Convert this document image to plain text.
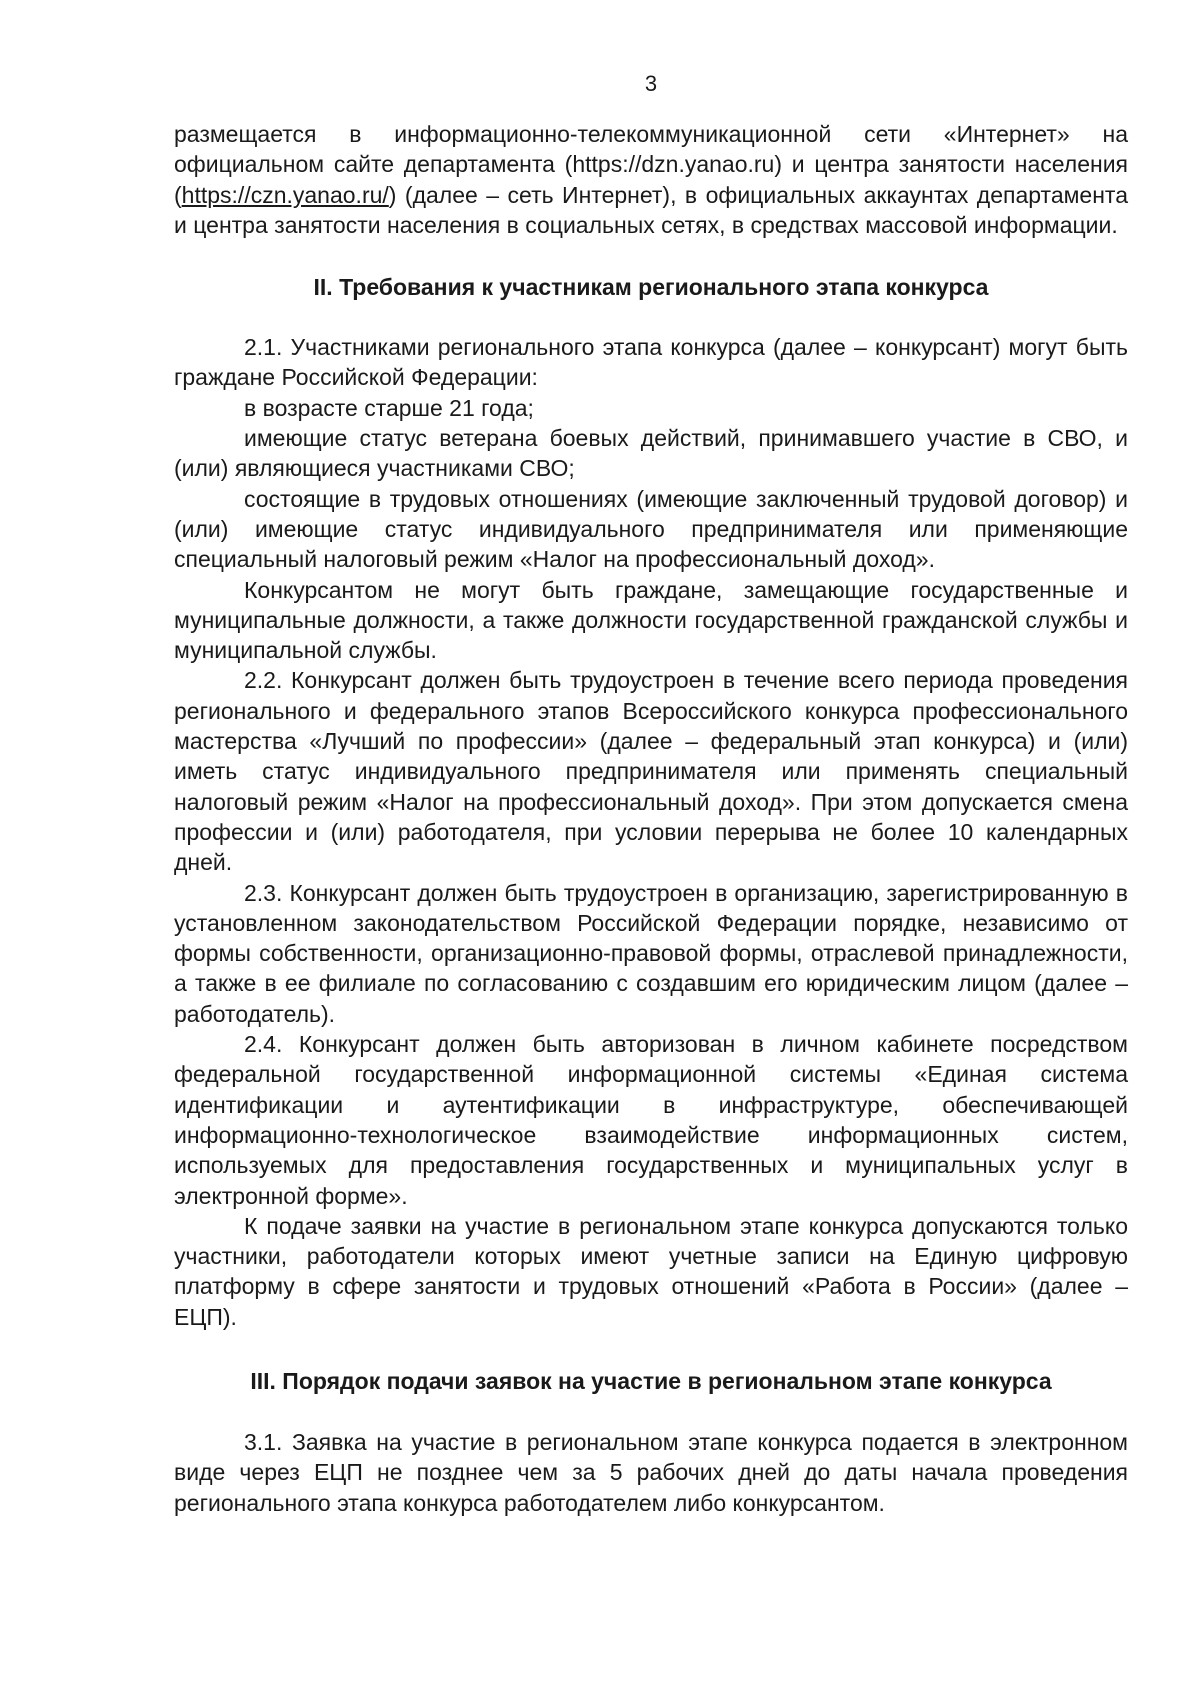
3

размещается в информационно-телекоммуникационной сети «Интернет» на официальном сайте департамента (https://dzn.yanao.ru) и центра занятости населения (https://czn.yanao.ru/) (далее – сеть Интернет), в официальных аккаунтах департамента и центра занятости населения в социальных сетях, в средствах массовой информации.

II. Требования к участникам регионального этапа конкурса

2.1. Участниками регионального этапа конкурса (далее – конкурсант) могут быть граждане Российской Федерации:

в возрасте старше 21 года;

имеющие статус ветерана боевых действий, принимавшего участие в СВО, и (или) являющиеся участниками СВО;

состоящие в трудовых отношениях (имеющие заключенный трудовой договор) и (или) имеющие статус индивидуального предпринимателя или применяющие специальный налоговый режим «Налог на профессиональный доход».

Конкурсантом не могут быть граждане, замещающие государственные и муниципальные должности, а также должности государственной гражданской службы и муниципальной службы.

2.2. Конкурсант должен быть трудоустроен в течение всего периода проведения регионального и федерального этапов Всероссийского конкурса профессионального мастерства «Лучший по профессии» (далее – федеральный этап конкурса) и (или) иметь статус индивидуального предпринимателя или применять специальный налоговый режим «Налог на профессиональный доход». При этом допускается смена профессии и (или) работодателя, при условии перерыва не более 10 календарных дней.

2.3. Конкурсант должен быть трудоустроен в организацию, зарегистрированную в установленном законодательством Российской Федерации порядке, независимо от формы собственности, организационно-правовой формы, отраслевой принадлежности, а также в ее филиале по согласованию с создавшим его юридическим лицом (далее – работодатель).

2.4. Конкурсант должен быть авторизован в личном кабинете посредством федеральной государственной информационной системы «Единая система идентификации и аутентификации в инфраструктуре, обеспечивающей информационно-технологическое взаимодействие информационных систем, используемых для предоставления государственных и муниципальных услуг в электронной форме».

К подаче заявки на участие в региональном этапе конкурса допускаются только участники, работодатели которых имеют учетные записи на Единую цифровую платформу в сфере занятости и трудовых отношений «Работа в России» (далее – ЕЦП).

III. Порядок подачи заявок на участие в региональном этапе конкурса

3.1. Заявка на участие в региональном этапе конкурса подается в электронном виде через ЕЦП не позднее чем за 5 рабочих дней до даты начала проведения регионального этапа конкурса работодателем либо конкурсантом.
